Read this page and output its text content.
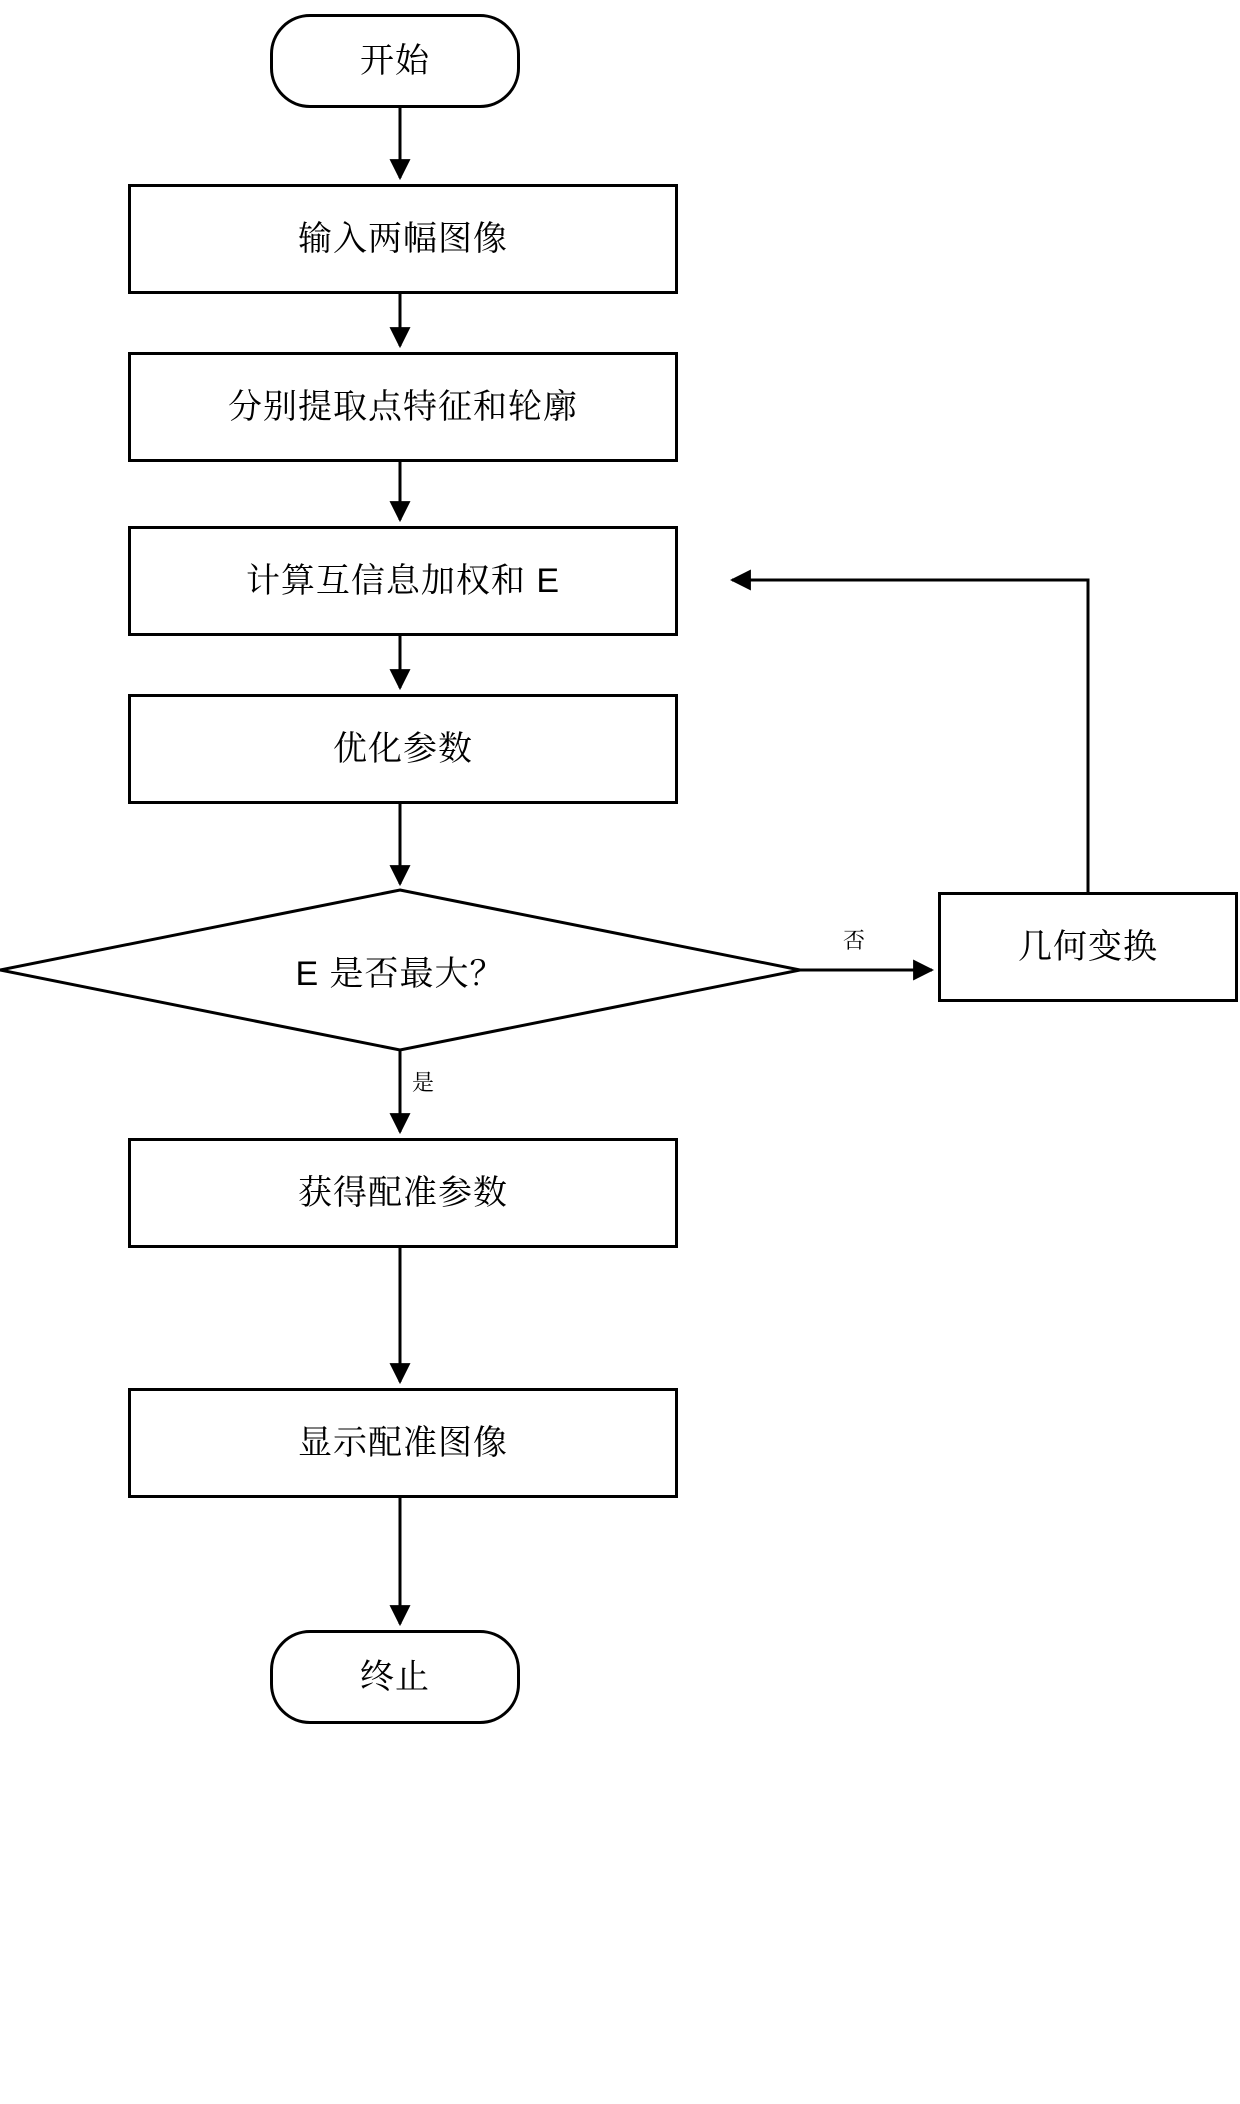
开始
输入两幅图像
分别提取点特征和轮廓
计算互信息加权和 E
优化参数
E 是否最大？
几何变换
获得配准参数
显示配准图像
终止
否
是
